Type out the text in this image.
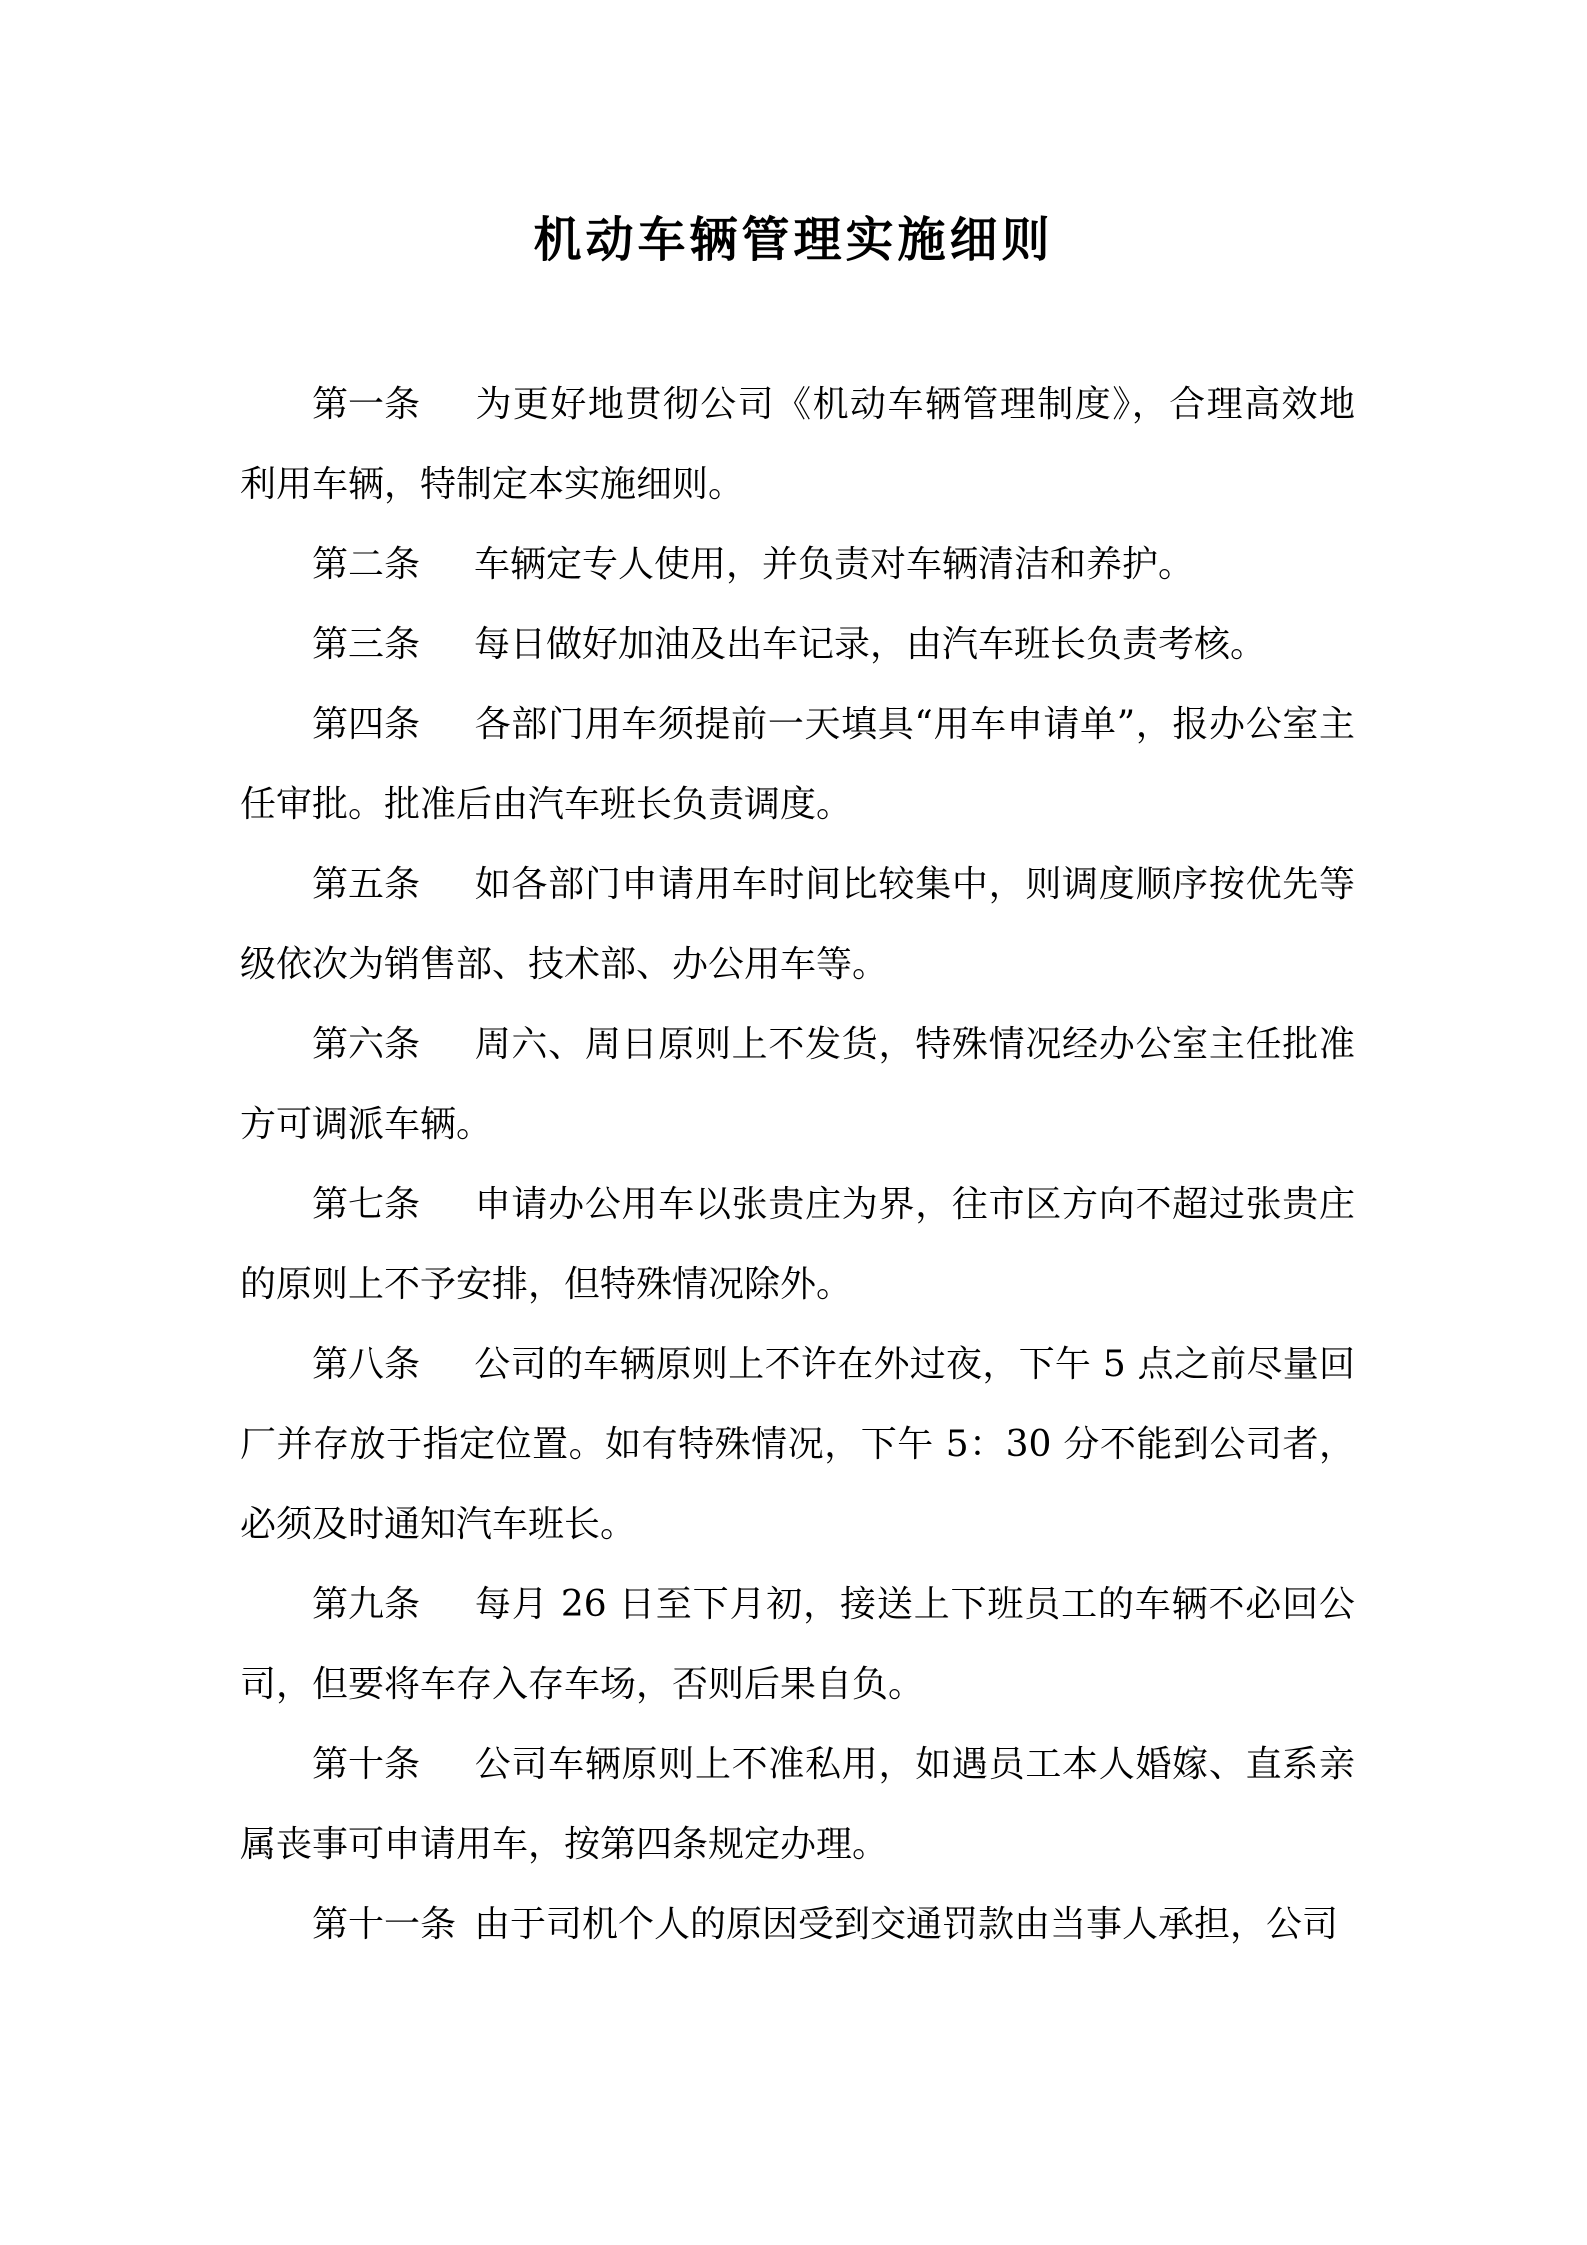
机动车辆管理实施细则

第一条 为更好地贯彻公司《机动车辆管理制度》，合理高效地利用车辆，特制定本实施细则。

第二条 车辆定专人使用，并负责对车辆清洁和养护。

第三条 每日做好加油及出车记录，由汽车班长负责考核。

第四条 各部门用车须提前一天填具“用车申请单”，报办公室主任审批。批准后由汽车班长负责调度。

第五条 如各部门申请用车时间比较集中，则调度顺序按优先等级依次为销售部、技术部、办公用车等。

第六条 周六、周日原则上不发货，特殊情况经办公室主任批准方可调派车辆。

第七条 申请办公用车以张贵庄为界，往市区方向不超过张贵庄的原则上不予安排，但特殊情况除外。

第八条 公司的车辆原则上不许在外过夜，下午 5 点之前尽量回厂并存放于指定位置。如有特殊情况，下午 5：30 分不能到公司者，必须及时通知汽车班长。

第九条 每月 26 日至下月初，接送上下班员工的车辆不必回公司，但要将车存入存车场，否则后果自负。

第十条 公司车辆原则上不准私用，如遇员工本人婚嫁、直系亲属丧事可申请用车，按第四条规定办理。

第十一条 由于司机个人的原因受到交通罚款由当事人承担，公司
